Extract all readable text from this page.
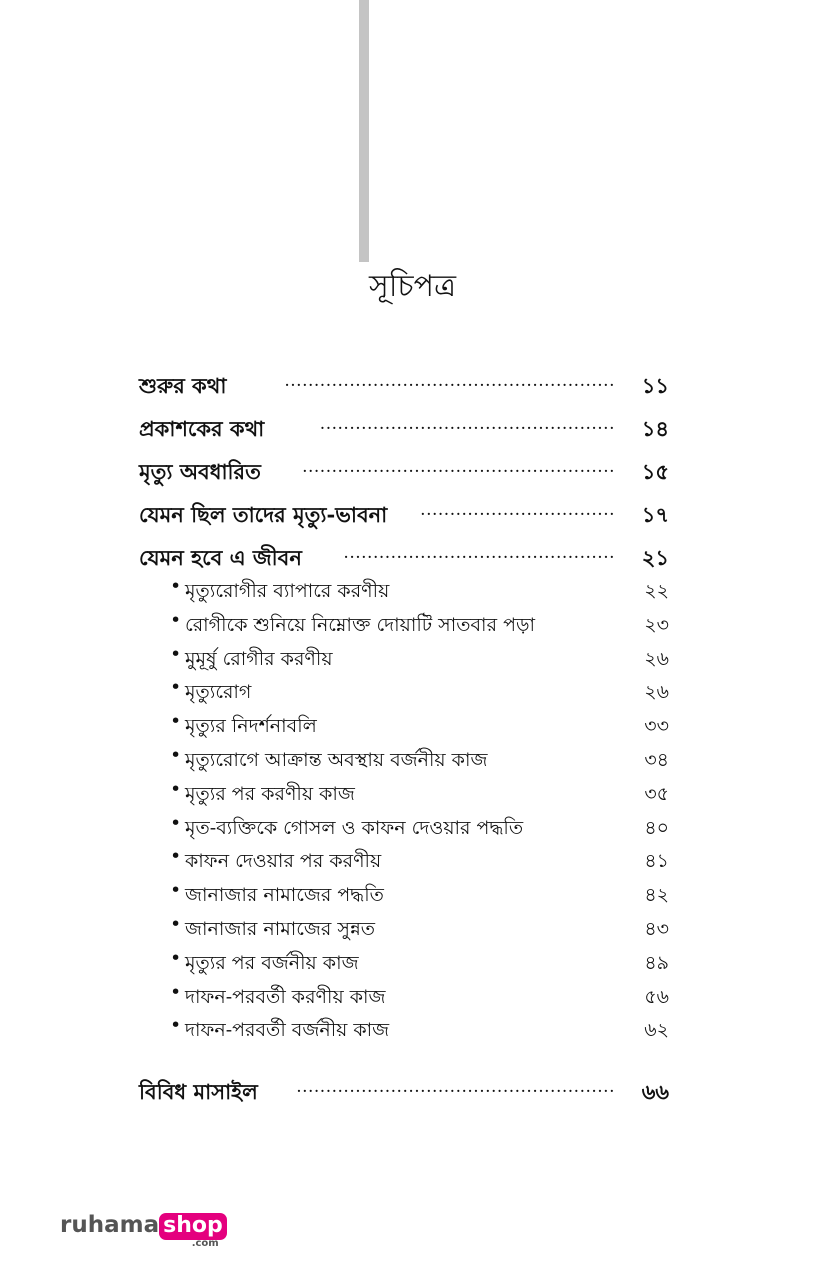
সূচিপত্র
শুরুর কথা	........................................................ ১১
প্রকাশকের কথা	.................................................. ১৪
মৃত্যু অবধারিত ..................................................... ১৫
যেমন ছিল তাদের মৃত্যু-ভাবনা ................................. ১৭
যেমন হবে এ জীবন .............................................. ২১
• মৃত্যুরোগীর ব্যাপারে করণীয়	২২
• রোগীকে শুনিয়ে নিম্নোক্ত দোয়াটি সাতবার পড়া	২৩
• মুমূর্ষু রোগীর করণীয়	২৬
• মৃত্যুরোগ	২৬
• মৃত্যুর নিদর্শনাবলি	৩৩
• মৃত্যুরোগে আক্রান্ত অবস্থায় বর্জনীয় কাজ	৩৪
• মৃত্যুর পর করণীয় কাজ	৩৫
• মৃত-ব্যক্তিকে গোসল ও কাফন দেওয়ার পদ্ধতি	৪০
• কাফন দেওয়ার পর করণীয়	৪১
• জানাজার নামাজের পদ্ধতি	৪২
• জানাজার নামাজের সুন্নত	৪৩
• মৃত্যুর পর বর্জনীয় কাজ	৪৯
• দাফন-পরবর্তী করণীয় কাজ	৫৬
• দাফন-পরবর্তী বর্জনীয় কাজ	৬২
বিবিধ মাসাইল ...................................................... ৬৬
ruhama shop
.com
